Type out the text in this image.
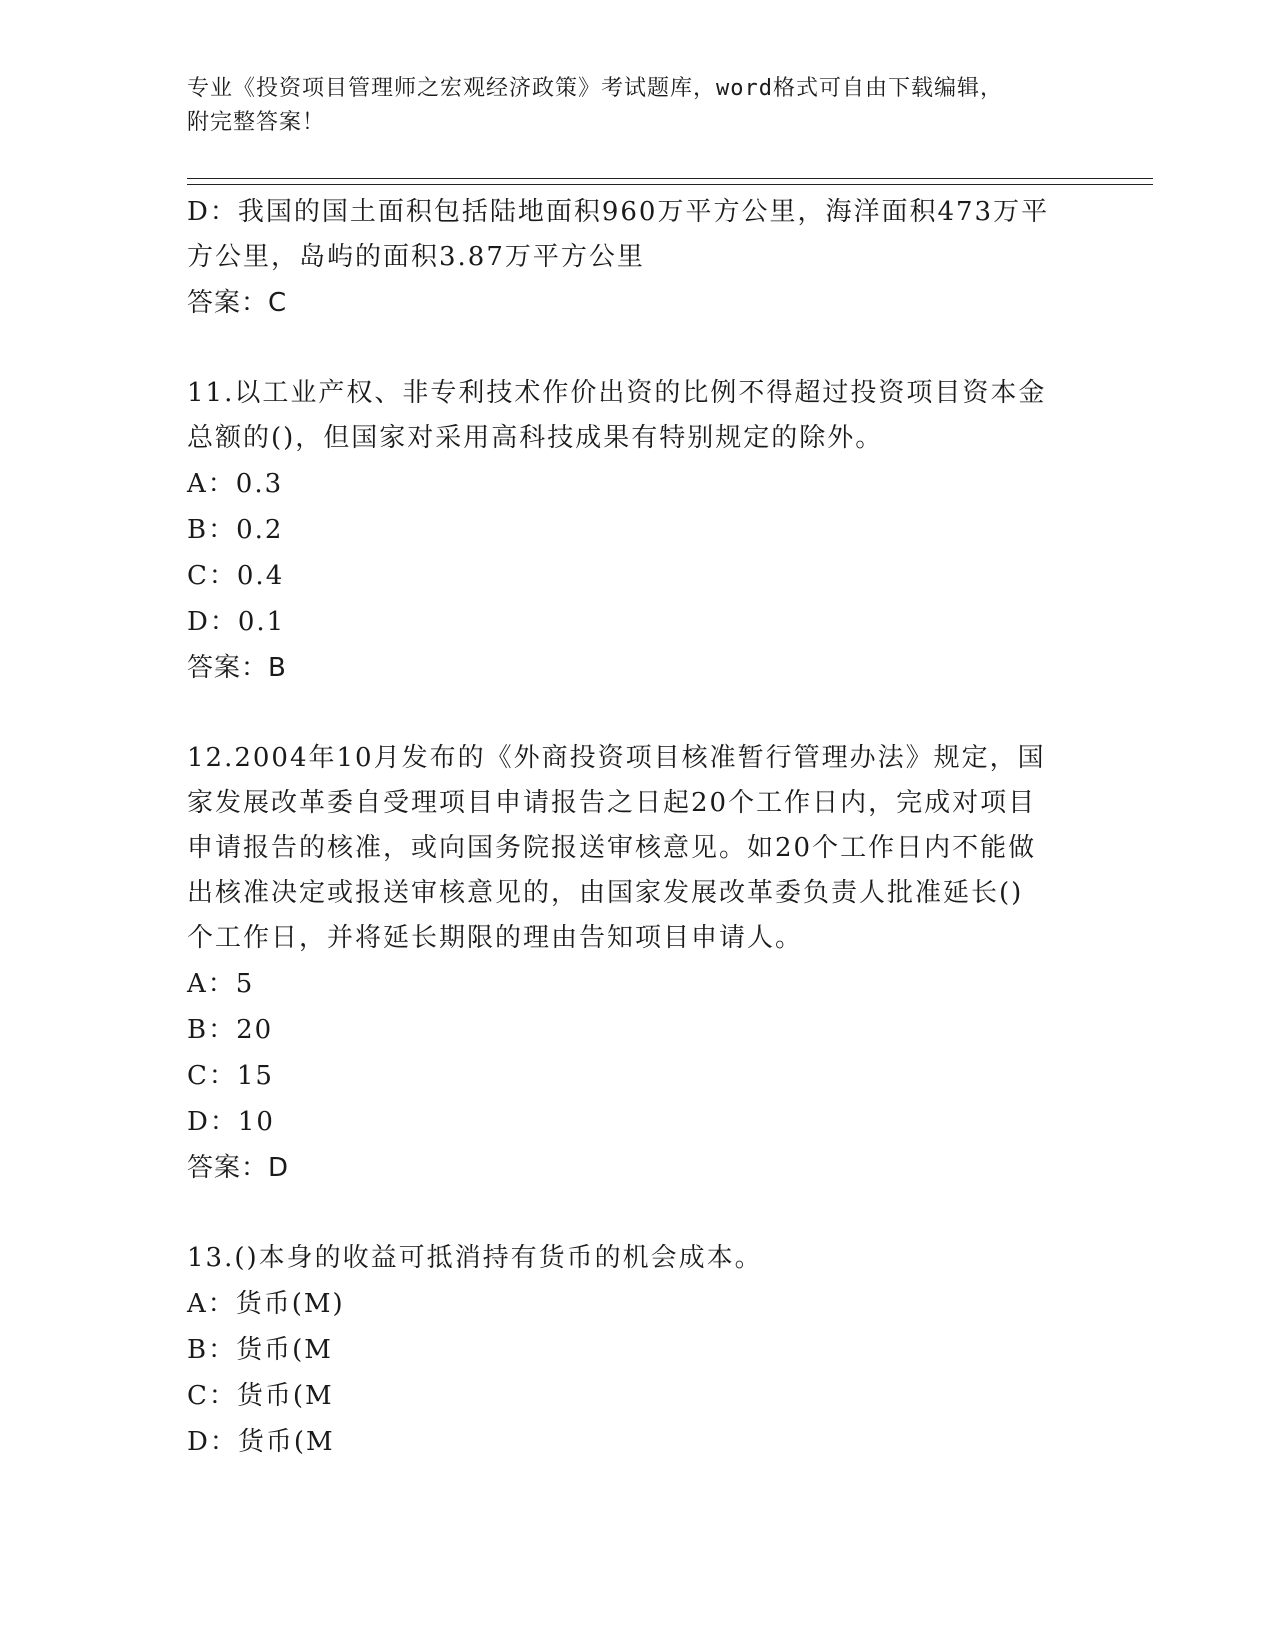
专业《投资项目管理师之宏观经济政策》考试题库，word格式可自由下载编辑，
附完整答案！

D：我国的国土面积包括陆地面积960万平方公里，海洋面积473万平

方公里，岛屿的面积3.87万平方公里

答案：C

11.以工业产权、非专利技术作价出资的比例不得超过投资项目资本金

总额的()，但国家对采用高科技成果有特别规定的除外。

A：0.3

B：0.2

C：0.4

D：0.1

答案：B

12.2004年10月发布的《外商投资项目核准暂行管理办法》规定，国

家发展改革委自受理项目申请报告之日起20个工作日内，完成对项目

申请报告的核准，或向国务院报送审核意见。如20个工作日内不能做

出核准决定或报送审核意见的，由国家发展改革委负责人批准延长()

个工作日，并将延长期限的理由告知项目申请人。

A：5

B：20

C：15

D：10

答案：D

13.()本身的收益可抵消持有货币的机会成本。

A：货币(M)

B：货币(M

C：货币(M

D：货币(M
